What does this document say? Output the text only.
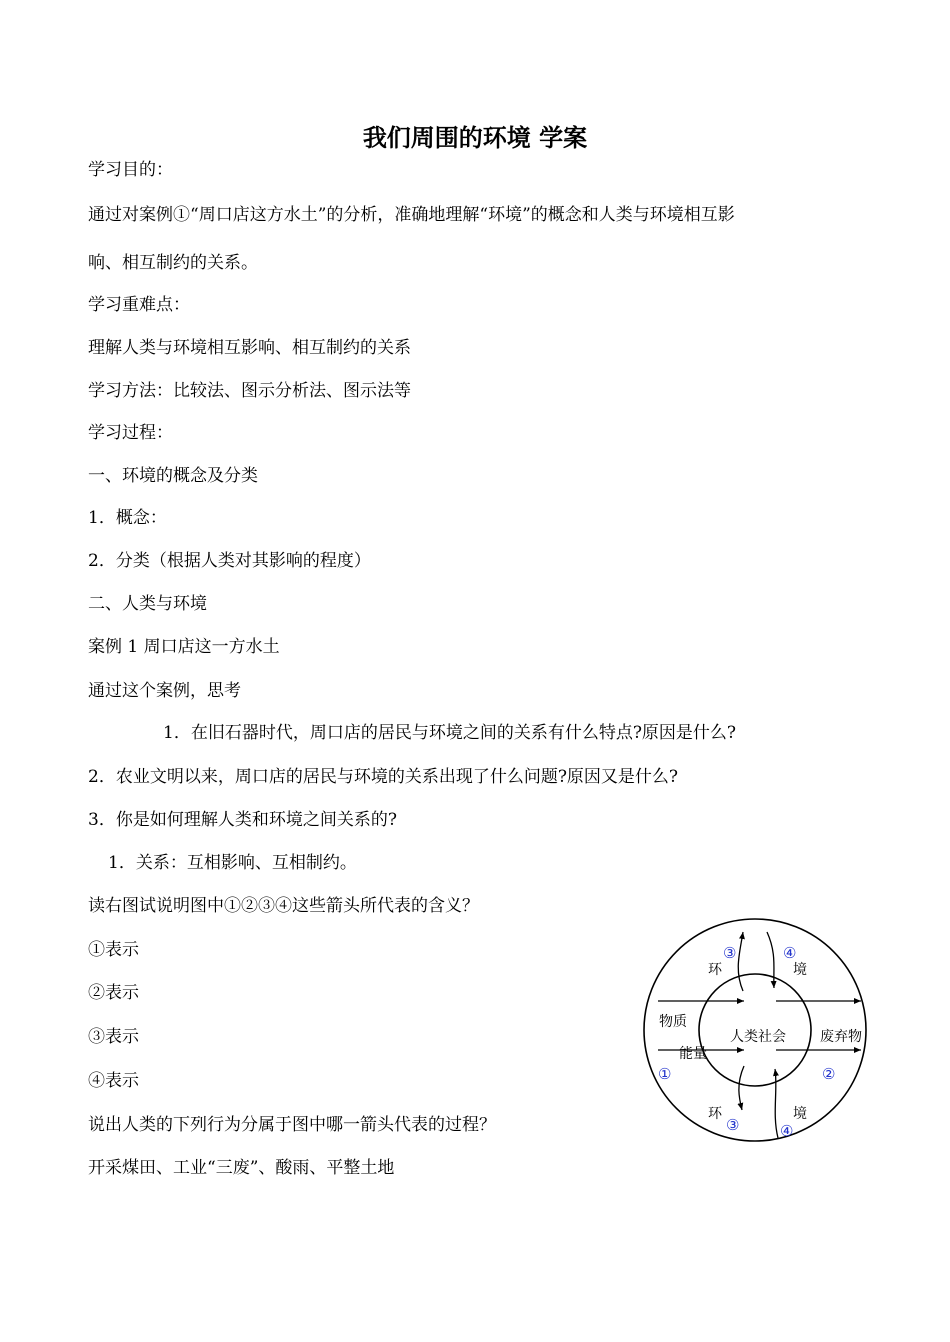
我们周围的环境 学案
学习目的：
通过对案例①“周口店这方水土”的分析，准确地理解“环境”的概念和人类与环境相互影
响、相互制约的关系。
学习重难点：
理解人类与环境相互影响、相互制约的关系
学习方法：比较法、图示分析法、图示法等
学习过程：
一、环境的概念及分类
1．概念：
2．分类（根据人类对其影响的程度）
二、人类与环境
案例 1 周口店这一方水土
通过这个案例，思考
1．在旧石器时代，周口店的居民与环境之间的关系有什么特点?原因是什么?
2．农业文明以来，周口店的居民与环境的关系出现了什么问题?原因又是什么?
3．你是如何理解人类和环境之间关系的?
1．关系：互相影响、互相制约。
读右图试说明图中①②③④这些箭头所代表的含义？
①表示
②表示
③表示
④表示
说出人类的下列行为分属于图中哪一箭头代表的过程？
开采煤田、工业“三废”、酸雨、平整土地
人类社会
物质
能量
废弃物
环	境
环	境
③	④
①	②
③	④
